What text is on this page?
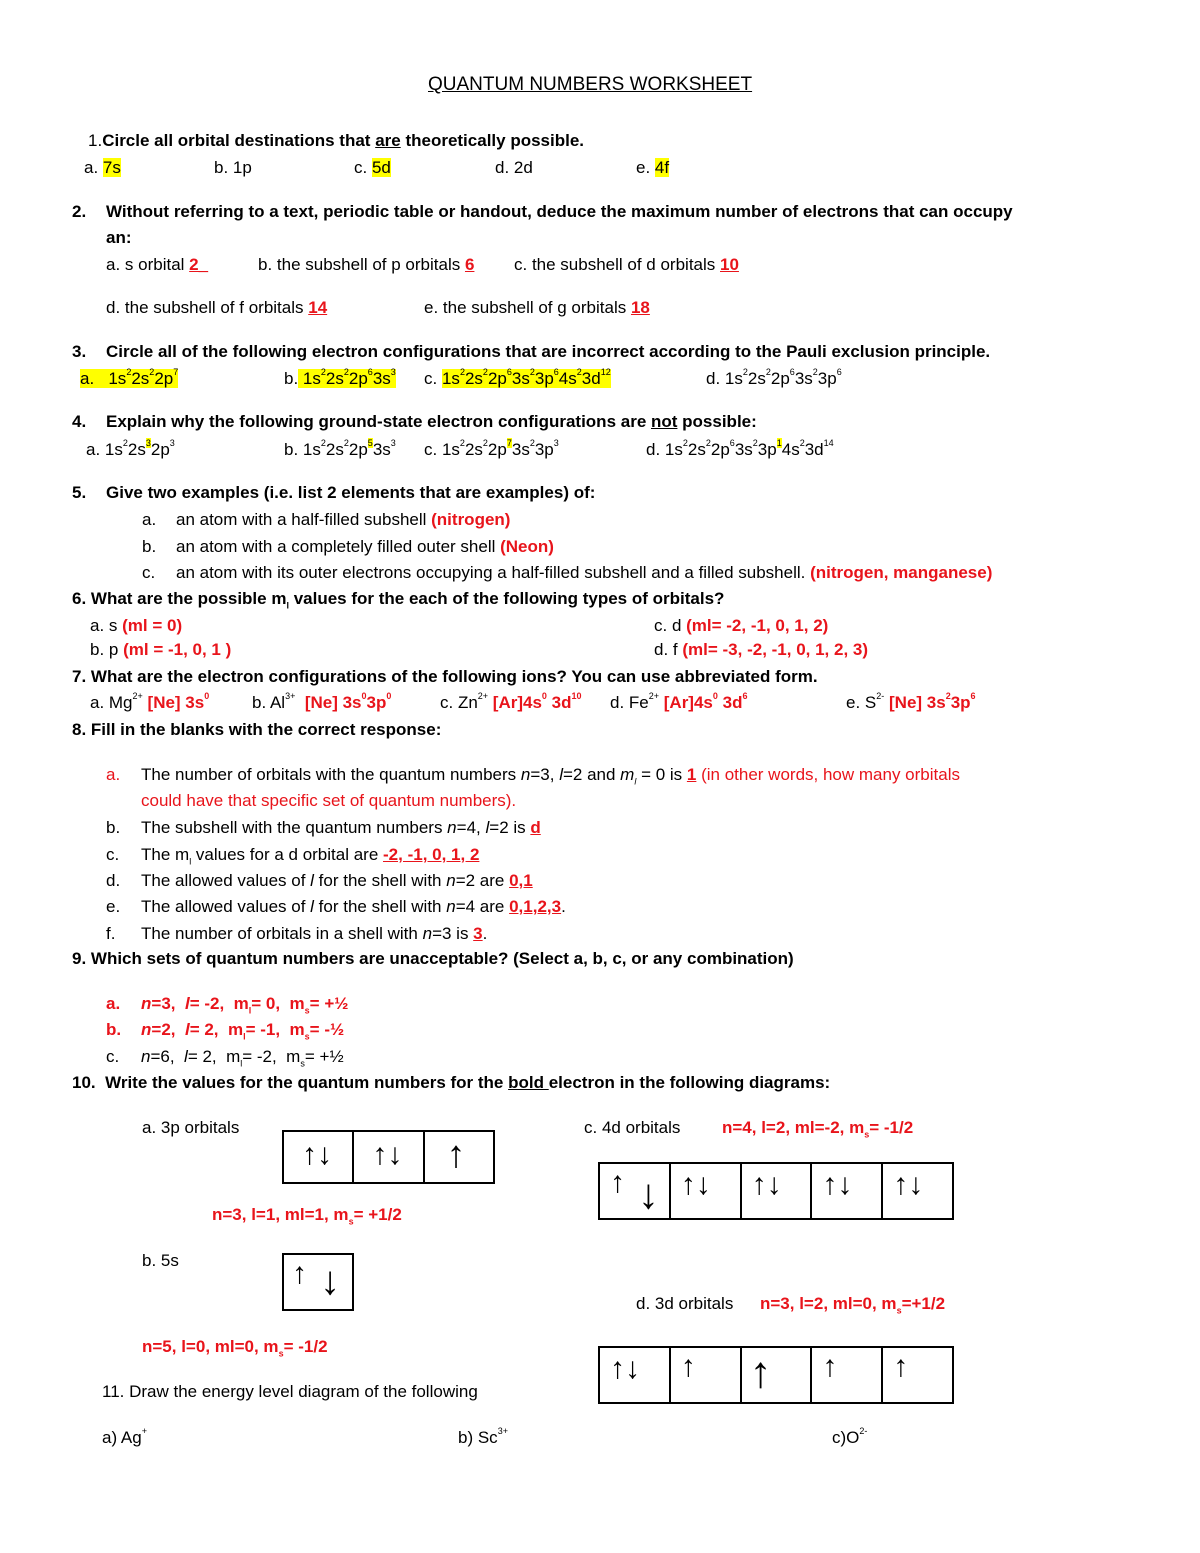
QUANTUM NUMBERS WORKSHEET
1.Circle all orbital destinations that are theoretically possible.
a. 7s	b. 1p	c. 5d	d. 2d	e. 4f
2. Without referring to a text, periodic table or handout, deduce the maximum number of electrons that can occupy
an:
a. s orbital 2_	b. the subshell of p orbitals 6 c. the subshell of d orbitals 10
d. the subshell of f orbitals 14	e. the subshell of g orbitals 18
3. Circle all of the following electron configurations that are incorrect according to the Pauli exclusion principle.
a.   $1s^22s^22p^7$	b. $1s^22s^22p^63s^3$ c. $1s^22s^22p^63s^23p^64s^23d^{12}$	d. $1s^22s^22p^63s^23p^6$
4. Explain why the following ground-state electron configurations are not possible:
a. $1s^22s^32p^3$	b. $1s^22s^22p^53s^3$ c. $1s^22s^22p^73s^23p^3$	d. $1s^22s^22p^63s^23p^14s^23d^{14}$
5. Give two examples (i.e. list 2 elements that are examples) of:
a. an atom with a half-filled subshell (nitrogen)
b. an atom with a completely filled outer shell (Neon)
c. an atom with its outer electrons occupying a half-filled subshell and a filled subshell. (nitrogen, manganese)
6. What are the possible $m_l$ values for the each of the following types of orbitals?
a. s (ml = 0)
b. p (ml = -1, 0, 1 )
c. d (ml= -2, -1, 0, 1, 2)
d. f (ml= -3, -2, -1, 0, 1, 2, 3)
7. What are the electron configurations of the following ions? You can use abbreviated form.
a. $Mg^{2+}$ [Ne] $3s^0$	b. $Al^{3+}$ [Ne] $3s^03p^0$	c. $Zn^{2+}$ $[Ar]4s^0$ $3d^{10}$ d. $Fe^{2+}$ $[Ar]4s^0$ $3d^6$	e. $S^{2-}$ [Ne] $3s^23p^6$
8. Fill in the blanks with the correct response:
a. The number of orbitals with the quantum numbers n=3, l=2 and $m_l = 0$ is 1 (in other words, how many orbitals
could have that specific set of quantum numbers).
b. The subshell with the quantum numbers n=4, l=2 is d
c. The $m_l$ values for a d orbital are -2, -1, 0, 1, 2
d. The allowed values of l for the shell with n=2 are 0,1
e. The allowed values of l for the shell with n=4 are 0,1,2,3.
f. The number of orbitals in a shell with n=3 is 3.
9. Which sets of quantum numbers are unacceptable? (Select a, b, c, or any combination)
a. n=3,  l= -2,  $m_l= 0$,  $m_s=$ +½
b. n=2,  l= 2,  $m_l= -1$,  $m_s=$ -½
c. n=6,  l= 2,  $m_l= -2$,  $m_s=$ +½
10. Write the values for the quantum numbers for the bold electron in the following diagrams:
a. 3p orbitals
↑↓ ↑↓ ↑
n=3, l=1, ml=1, $m_s= +1/2$
b. 5s	↑ ↓
n=5, l=0, ml=0, $m_s= -1/2$
c. 4d orbitals n=4, l=2, ml=-2, $m_s= -1/2$
↑ ↓ ↑↓ ↑↓ ↑↓ ↑↓
d. 3d orbitals n=3, l=2, ml=0, $m_s=+1/2$
↑↓ ↑ ↑ ↑ ↑
11. Draw the energy level diagram of the following
a) Ag+	b) $Sc^{3+}$	$c)O^{2-}$
